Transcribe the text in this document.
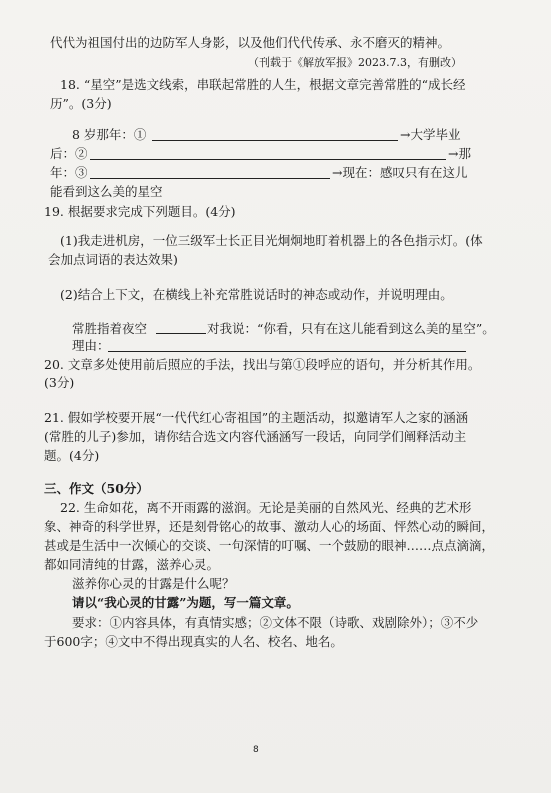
代代为祖国付出的边防军人身影，以及他们代代传承、永不磨灭的精神。
（刊载于《解放军报》2023.7.3，有删改）
18. “星空”是选文线索，串联起常胜的人生，根据文章完善常胜的“成长经
历”。(3分)
8 岁那年：①	→大学毕业
后：②	→那
年：③	→现在：感叹只有在这儿
能看到这么美的星空
19. 根据要求完成下列题目。(4分)
(1)我走进机房，一位三级军士长正目光炯炯地盯着机器上的各色指示灯。(体
会加点词语的表达效果)
(2)结合上下文，在横线上补充常胜说话时的神态或动作，并说明理由。
常胜指着夜空	对我说：“你看，只有在这儿能看到这么美的星空”。
理由：
20. 文章多处使用前后照应的手法，找出与第①段呼应的语句，并分析其作用。
(3分)
21. 假如学校要开展“一代代红心寄祖国”的主题活动，拟邀请军人之家的涵涵
(常胜的儿子)参加，请你结合选文内容代涵涵写一段话，向同学们阐释活动主
题。(4分)
三、作文（50分）
22. 生命如花，离不开雨露的滋润。无论是美丽的自然风光、经典的艺术形
象、神奇的科学世界，还是刻骨铭心的故事、激动人心的场面、怦然心动的瞬间，
甚或是生活中一次倾心的交谈、一句深情的叮嘱、一个鼓励的眼神……点点滴滴，
都如同清纯的甘露，滋养心灵。
滋养你心灵的甘露是什么呢？
请以“我心灵的甘露”为题，写一篇文章。
要求：①内容具体，有真情实感；②文体不限（诗歌、戏剧除外）；③不少
于600字；④文中不得出现真实的人名、校名、地名。
8
